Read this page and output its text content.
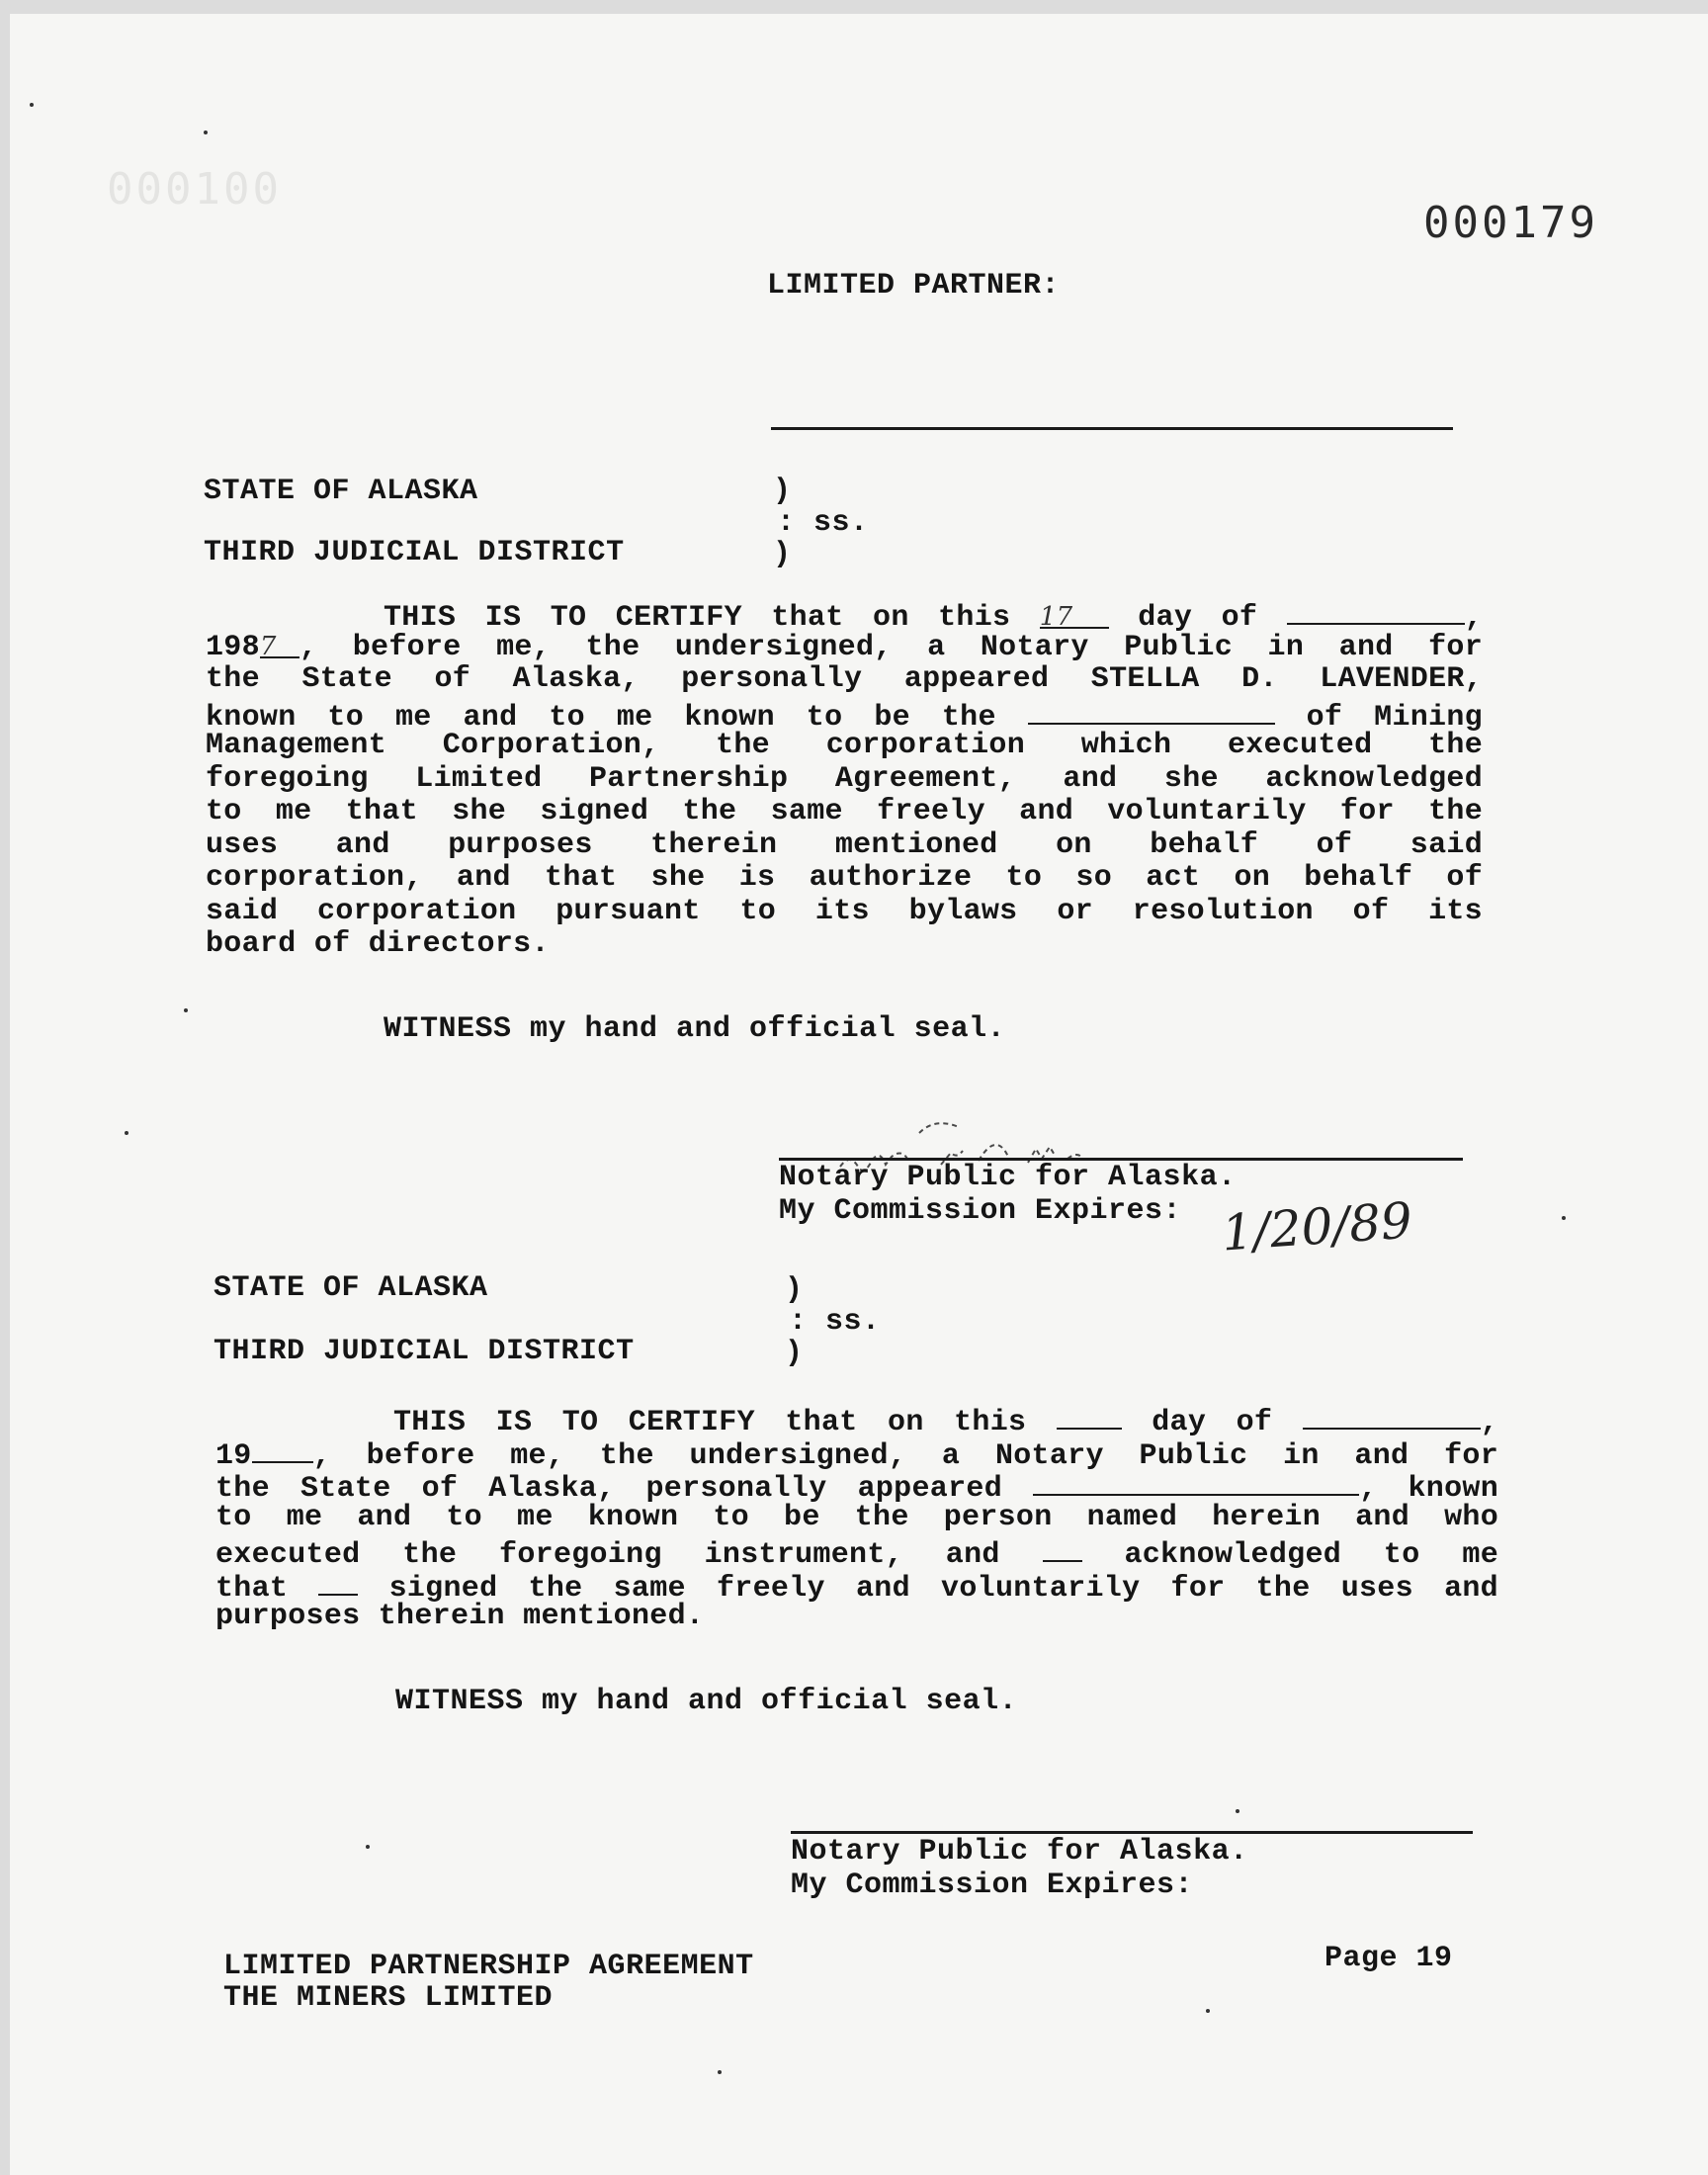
000100
000179
LIMITED PARTNER:
STATE OF ALASKA
THIRD JUDICIAL DISTRICT
)
: ss.
)
THIS IS TO CERTIFY that on this 17 day of	,
1987 , before me, the undersigned, a Notary Public in and for
the State of Alaska, personally appeared STELLA D. LAVENDER,
known to me and to me known to be the	of Mining
Management Corporation, the corporation which executed the
foregoing Limited Partnership Agreement, and she acknowledged
to me that she signed the same freely and voluntarily for the
uses and purposes therein mentioned on behalf of said
corporation, and that she is authorize to so act on behalf of
said corporation pursuant to its bylaws or resolution of its
board of directors.
WITNESS my hand and official seal.
Notary Public for Alaska.
My Commission Expires: 1/20/89
STATE OF ALASKA
THIRD JUDICIAL DISTRICT
)
: ss.
)
THIS IS TO CERTIFY that on this	day of	,
19 , before me, the undersigned, a Notary Public in and for
the State of Alaska, personally appeared	, known
to me and to me known to be the person named herein and who
executed the foregoing instrument, and	acknowledged to me
that	signed the same freely and voluntarily for the uses and
purposes therein mentioned.
WITNESS my hand and official seal.
Notary Public for Alaska.
My Commission Expires:
LIMITED PARTNERSHIP AGREEMENT
THE MINERS LIMITED
Page 19
